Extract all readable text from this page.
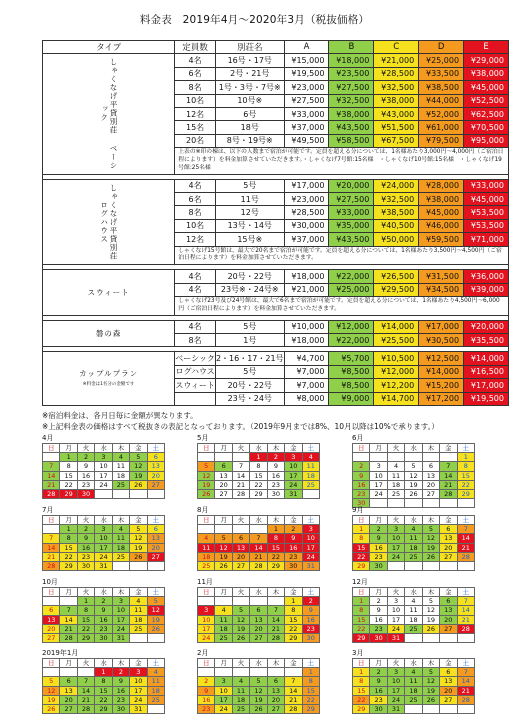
料金表　2019年4月～2020年3月（税抜価格）
タイプ	定員数	別荘名	A	B	C	D	E
しゃくなげ平貸別荘 ベーシック	4名	16号・17号	¥15,000	¥18,000	¥21,000	¥25,000	¥29,000
	6名	2号・21号	¥19,500	¥23,500	¥28,500	¥33,500	¥38,000
	8名	1号・3号・7号※	¥23,000	¥27,500	¥32,500	¥38,500	¥45,000
	10名	10号※	¥27,500	¥32,500	¥38,000	¥44,000	¥52,500
	12名	6号	¥33,000	¥38,000	¥43,000	¥52,000	¥62,500
	15名	18号	¥37,000	¥43,500	¥51,500	¥61,000	¥70,500
	20名	8号・19号※	¥49,500	¥58,500	¥67,500	¥79,500	¥95,000
	上表の※印の棟は、以下の人数まで宿泊が可能です。定員を超える分については、1名様あたり3,000円～4,000円（ご宿泊日程によります）を料金加算させていただきます。・しゃくなげ7号館:15名様　・しゃくなげ10号館:15名様　・しゃくなげ19号館:25名様						

しゃくなげ平貸別荘 ログハウス	4名	5号	¥17,000	¥20,000	¥24,000	¥28,000	¥33,000
	6名	11号	¥23,000	¥27,500	¥32,500	¥38,000	¥45,000
	8名	12号	¥28,500	¥33,000	¥38,500	¥45,000	¥53,500
	10名	13号・14号	¥30,000	¥35,000	¥40,500	¥46,000	¥53,500
	12名	15号※	¥37,000	¥43,500	¥50,000	¥59,500	¥71,000
	しゃくなげ15号館は、最大で20名まで宿泊が可能です。定員を超える分については、1名様あたり3,500円～4,500円（ご宿泊日程によります）を料金加算させていただきます。						

スウィート	4名	20号・22号	¥18,000	¥22,000	¥26,500	¥31,500	¥36,000
	4名	23号※・24号※	¥21,000	¥25,000	¥29,500	¥34,500	¥39,000
	しゃくなげ23号及び24号館は、最大で6名まで宿泊が可能です。定員を超える分については、1名様あたり4,500円～6,000円（ご宿泊日程によります）を料金加算させていただきます。						

磐の森	4名	5号	¥10,000	¥12,000	¥14,000	¥17,000	¥20,000
	8名	1号	¥18,000	¥22,000	¥25,500	¥30,500	¥35,500

カップルプラン
※料金は1名分の金額です	ベーシック	2・16・17・21号	¥4,700	¥5,700	¥10,500	¥12,500	¥14,000
	ログハウス	5号	¥7,000	¥8,500	¥12,000	¥14,000	¥16,500
	スウィート	20号・22号	¥7,000	¥8,500	¥12,200	¥15,200	¥17,000
		23号・24号	¥8,000	¥9,000	¥14,700	¥17,200	¥19,500
※宿泊料金は、各月日毎に金額が異なります。
※上記料金表の価格はすべて税抜きの表記となっております。（2019年9月までは8%、10月以降は10%で承ります。）
4月
日	月	火	水	木	金	土
	1	2	3	4	5	6
7	8	9	10	11	12	13
14	15	16	17	18	19	20
21	22	23	24	25	26	27
28	29	30				
5月
日	月	火	水	木	金	土
			1	2	3	4
5	6	7	8	9	10	11
12	13	14	15	16	17	18
19	20	21	22	23	24	25
26	27	28	29	30	31	
6月
日	月	火	水	木	金	土
						1
2	3	4	5	6	7	8
9	10	11	12	13	14	15
16	17	18	19	20	21	22
23	24	25	26	27	28	29
30						
7月
日	月	火	水	木	金	土
	1	2	3	4	5	6
7	8	9	10	11	12	13
14	15	16	17	18	19	20
21	22	23	24	25	26	27
28	29	30	31			
8月
日	月	火	水	木	金	土
				1	2	3
4	5	6	7	8	9	10
11	12	13	14	15	16	17
18	19	20	21	22	23	24
25	26	27	28	29	30	31
9月
日	月	火	水	木	金	土
1	2	3	4	5	6	7
8	9	10	11	12	13	14
15	16	17	18	19	20	21
22	23	24	25	26	27	28
29	30					
10月
日	月	火	水	木	金	土
		1	2	3	4	5
6	7	8	9	10	11	12
13	14	15	16	17	18	19
20	21	22	23	24	25	26
27	28	29	30	31		
11月
日	月	火	水	木	金	土
					1	2
3	4	5	6	7	8	9
10	11	12	13	14	15	16
17	18	19	20	21	22	23
24	25	26	27	28	29	30
12月
日	月	火	水	木	金	土
1	2	3	4	5	6	7
8	9	10	11	12	13	14
15	16	17	18	19	20	21
22	23	24	25	26	27	28
29	30	31				
2019年1月
日	月	火	水	木	金	土
			1	2	3	4
5	6	7	8	9	10	11
12	13	14	15	16	17	18
19	20	21	22	23	24	25
26	27	28	29	30	31	
2月
日	月	火	水	木	金	土
						1
2	3	4	5	6	7	8
9	10	11	12	13	14	15
16	17	18	19	20	21	22
23	24	25	26	27	28	29
3月
日	月	火	水	木	金	土
1	2	3	4	5	6	7
8	9	10	11	12	13	14
15	16	17	18	19	20	21
22	23	24	25	26	27	28
29	30	31				
